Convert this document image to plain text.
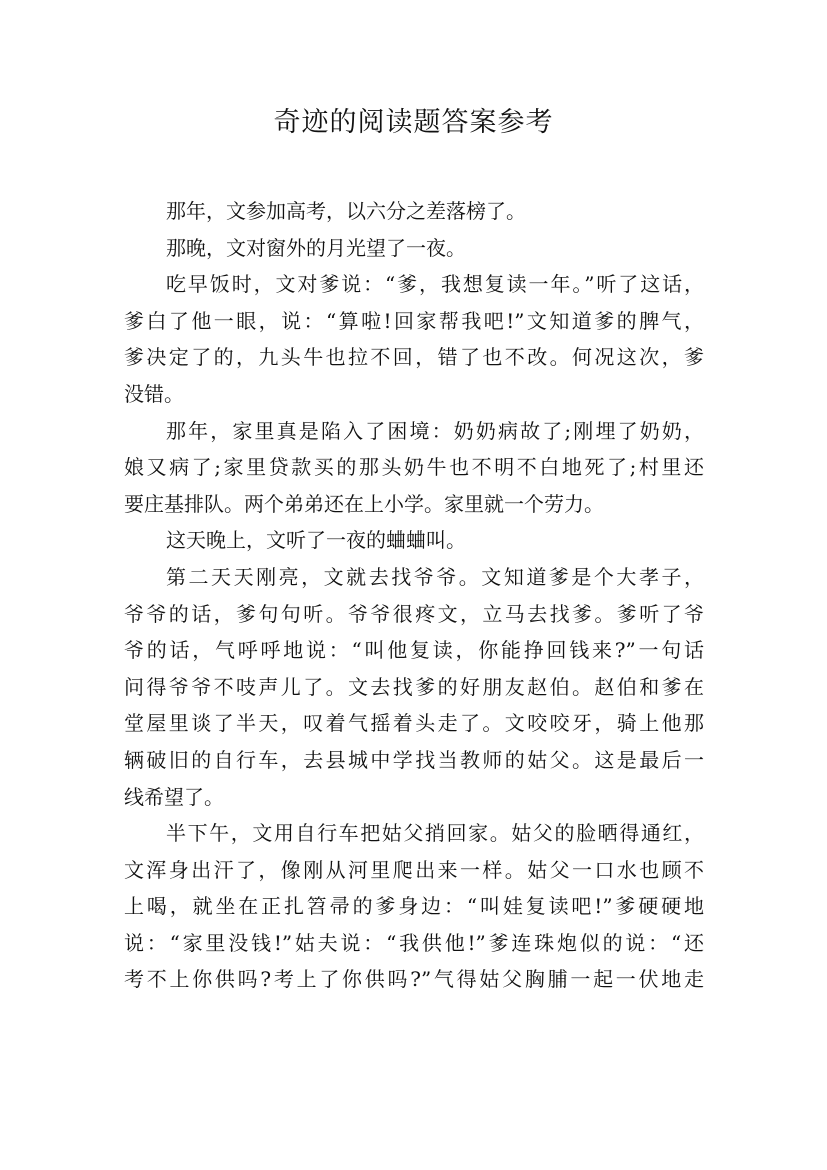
奇迹的阅读题答案参考

那年，文参加高考，以六分之差落榜了。

那晚，文对窗外的月光望了一夜。

吃早饭时，文对爹说：“爹，我想复读一年。”听了这话，

爹白了他一眼，说：“算啦!回家帮我吧!”文知道爹的脾气，

爹决定了的，九头牛也拉不回，错了也不改。何况这次，爹

没错。

那年，家里真是陷入了困境：奶奶病故了;刚埋了奶奶，

娘又病了;家里贷款买的那头奶牛也不明不白地死了;村里还

要庄基排队。两个弟弟还在上小学。家里就一个劳力。

这天晚上，文听了一夜的蛐蛐叫。

第二天天刚亮，文就去找爷爷。文知道爹是个大孝子，

爷爷的话，爹句句听。爷爷很疼文，立马去找爹。爹听了爷

爷的话，气呼呼地说：“叫他复读，你能挣回钱来?”一句话

问得爷爷不吱声儿了。文去找爹的好朋友赵伯。赵伯和爹在

堂屋里谈了半天，叹着气摇着头走了。文咬咬牙，骑上他那

辆破旧的自行车，去县城中学找当教师的姑父。这是最后一

线希望了。

半下午，文用自行车把姑父捎回家。姑父的脸晒得通红，

文浑身出汗了，像刚从河里爬出来一样。姑父一口水也顾不

上喝，就坐在正扎笤帚的爹身边：“叫娃复读吧!”爹硬硬地

说：“家里没钱!”姑夫说：“我供他!”爹连珠炮似的说：“还

考不上你供吗?考上了你供吗?”气得姑父胸脯一起一伏地走
